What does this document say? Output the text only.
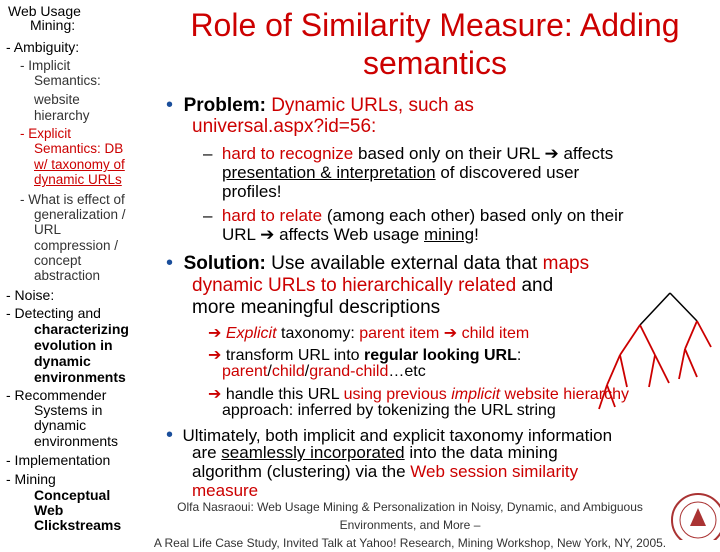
Web Usage
Mining:
- Ambiguity:
- Implicit
Semantics:
website
hierarchy
- Explicit
Semantics: DB
w/ taxonomy of
dynamic URLs
- What is effect of
generalization /
URL
compression /
concept
abstraction
- Noise:
- Detecting and
characterizing
evolution in
dynamic
environments
- Recommender
Systems in
dynamic
environments
- Implementation
- Mining
Conceptual
Web
Clickstreams
Role of Similarity Measure: Adding
semantics
• Problem: Dynamic URLs, such as
universal.aspx?id=56:
–  hard to recognize based only on their URL ➔ affects
presentation & interpretation of discovered user
profiles!
–  hard to relate (among each other) based only on their
URL ➔ affects Web usage mining!
• Solution: Use available external data that maps
dynamic URLs to hierarchically related and
more meaningful descriptions
➔ Explicit taxonomy: parent item ➔ child item
➔ transform URL into regular looking URL:
parent/child/grand-child…etc
➔ handle this URL using previous implicit website hierarchy
approach: inferred by tokenizing the URL string
• Ultimately, both implicit and explicit taxonomy information
are seamlessly incorporated into the data mining
algorithm (clustering) via the Web session similarity
measure
Olfa Nasraoui: Web Usage Mining & Personalization in Noisy, Dynamic, and Ambiguous Environments, and More –
A Real Life Case Study, Invited Talk at Yahoo! Research, Mining Workshop, New York, NY, 2005.
